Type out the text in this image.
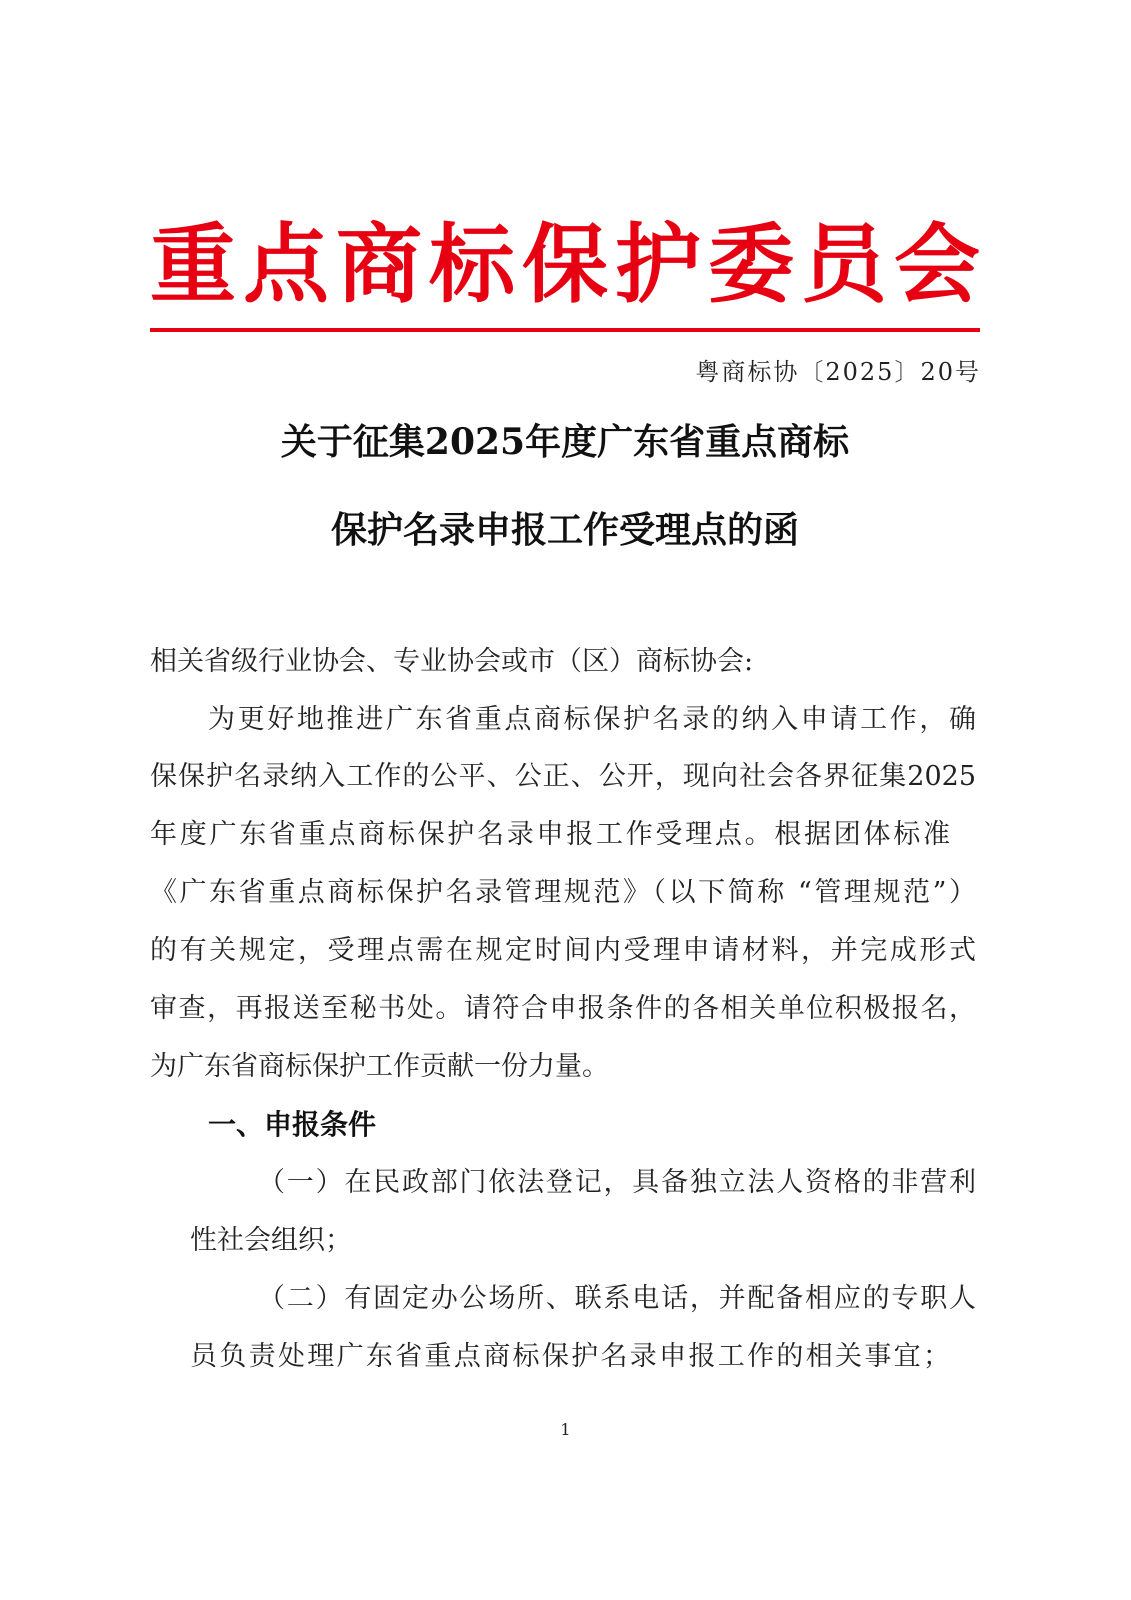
重 点 商 标 保 护 委 员 会
粤商标协〔2025〕20号
关于征集2025年度广东省重点商标
保护名录申报工作受理点的函
相关省级行业协会、专业协会或市（区）商标协会:
为更好地推进广东省重点商标保护名录的纳入申请工作，确
保保护名录纳入工作的公平、公正、公开，现向社会各界征集2025
年度广东省重点商标保护名录申报工作受理点。根据团体标准
《广东省重点商标保护名录管理规范》（以下简称 “管理规范”）
的有关规定，受理点需在规定时间内受理申请材料，并完成形式
审查，再报送至秘书处。请符合申报条件的各相关单位积极报名，
为广东省商标保护工作贡献一份力量。
一、申报条件
（一）在民政部门依法登记，具备独立法人资格的非营利
性社会组织；
（二）有固定办公场所、联系电话，并配备相应的专职人
员负责处理广东省重点商标保护名录申报工作的相关事宜；
1
